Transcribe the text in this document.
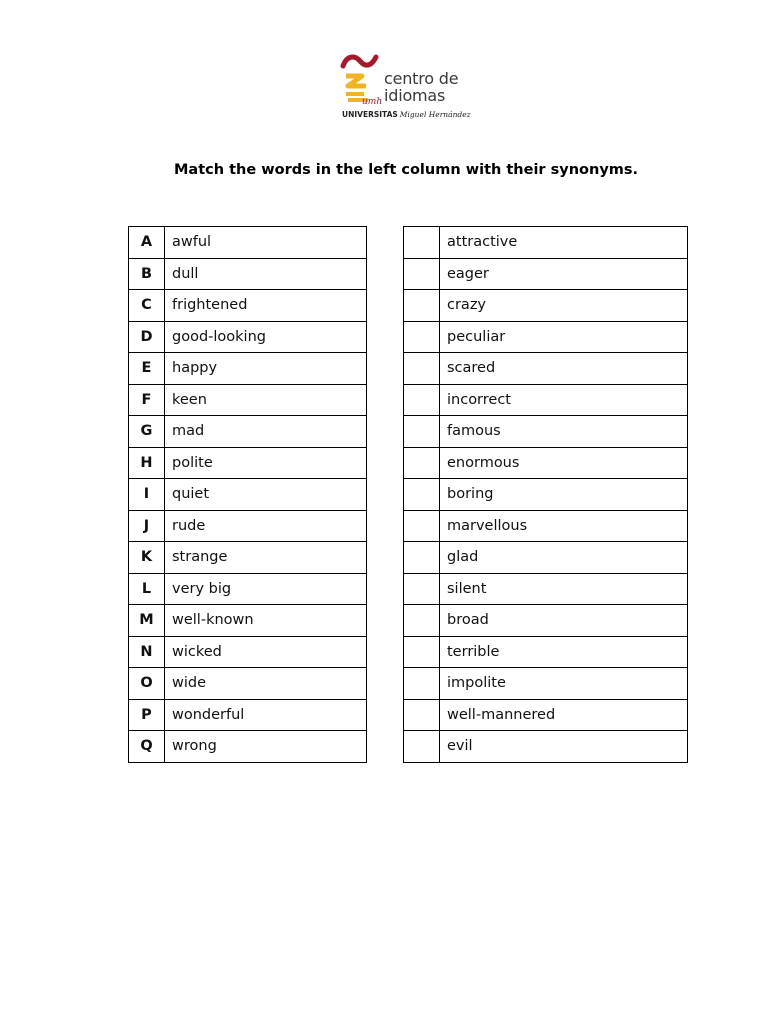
umh
centro de
idiomas
UNIVERSITAS Miguel Hernández
Match the words in the left column with their synonyms.
A	awful
B	dull
C	frightened
D	good-looking
E	happy
F	keen
G	mad
H	polite
I	quiet
J	rude
K	strange
L	very big
M	well-known
N	wicked
O	wide
P	wonderful
Q	wrong
	attractive
	eager
	crazy
	peculiar
	scared
	incorrect
	famous
	enormous
	boring
	marvellous
	glad
	silent
	broad
	terrible
	impolite
	well-mannered
	evil
